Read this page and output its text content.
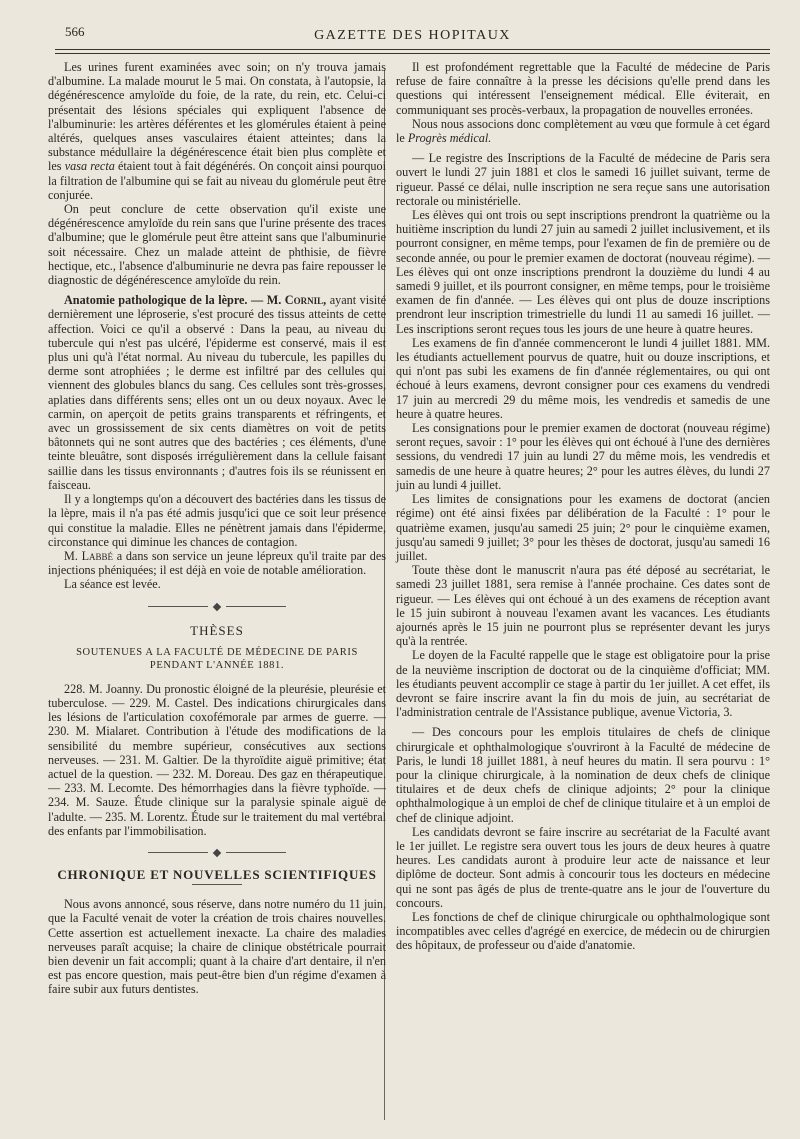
566	GAZETTE DES HOPITAUX

Les urines furent examinées avec soin; on n'y trouva jamais d'albumine. La malade mourut le 5 mai. On constata, à l'autopsie, la dégénérescence amyloïde du foie, de la rate, du rein, etc. Celui-ci présentait des lésions spéciales qui expliquent l'absence de l'albuminurie: les artères déférentes et les glomérules étaient à peine altérés, quelques anses vasculaires étaient atteintes; dans la substance médullaire la dégénérescence était bien plus complète et les vasa recta étaient tout à fait dégénérés. On conçoit ainsi pourquoi la filtration de l'albumine qui se fait au niveau du glomérule peut être conjurée.

On peut conclure de cette observation qu'il existe une dégénérescence amyloïde du rein sans que l'urine présente des traces d'albumine; que le glomérule peut être atteint sans que l'albuminurie soit nécessaire. Chez un malade atteint de phthisie, de fièvre hectique, etc., l'absence d'albuminurie ne devra pas faire repousser le diagnostic de dégénérescence amyloïde du rein.

Anatomie pathologique de la lèpre. — M. Cornil, ayant visité dernièrement une léproserie, s'est procuré des tissus atteints de cette affection. Voici ce qu'il a observé : Dans la peau, au niveau du tubercule qui n'est pas ulcéré, l'épiderme est conservé, mais il est plus uni qu'à l'état normal. Au niveau du tubercule, les papilles du derme sont atrophiées ; le derme est infiltré par des cellules qui viennent des globules blancs du sang. Ces cellules sont très-grosses, aplaties dans différents sens; elles ont un ou deux noyaux. Avec le carmin, on aperçoit de petits grains transparents et réfringents, et avec un grossissement de six cents diamètres on voit de petits bâtonnets qui ne sont autres que des bactéries ; ces éléments, d'une teinte bleuâtre, sont disposés irrégulièrement dans la cellule faisant saillie dans les tissus environnants ; d'autres fois ils se réunissent en faisceau.

Il y a longtemps qu'on a découvert des bactéries dans les tissus de la lèpre, mais il n'a pas été admis jusqu'ici que ce soit leur présence qui constitue la maladie. Elles ne pénètrent jamais dans l'épiderme, circonstance qui diminue les chances de contagion.

M. Labbé a dans son service un jeune lépreux qu'il traite par des injections phéniquées; il est déjà en voie de notable amélioration.

La séance est levée.

THÈSES
SOUTENUES A LA FACULTÉ DE MÉDECINE DE PARIS
PENDANT L'ANNÉE 1881.

228. M. Joanny. Du pronostic éloigné de la pleurésie, pleurésie et tuberculose. — 229. M. Castel. Des indications chirurgicales dans les lésions de l'articulation coxofémorale par armes de guerre. — 230. M. Mialaret. Contribution à l'étude des modifications de la sensibilité du membre supérieur, consécutives aux sections nerveuses. — 231. M. Galtier. De la thyroïdite aiguë primitive; état actuel de la question. — 232. M. Doreau. Des gaz en thérapeutique. — 233. M. Lecomte. Des hémorrhagies dans la fièvre typhoïde. — 234. M. Sauze. Étude clinique sur la paralysie spinale aiguë de l'adulte. — 235. M. Lorentz. Étude sur le traitement du mal vertébral des enfants par l'immobilisation.

CHRONIQUE ET NOUVELLES SCIENTIFIQUES

Nous avons annoncé, sous réserve, dans notre numéro du 11 juin, que la Faculté venait de voter la création de trois chaires nouvelles. Cette assertion est actuellement inexacte. La chaire des maladies nerveuses paraît acquise; la chaire de clinique obstétricale pourrait bien devenir un fait accompli; quant à la chaire d'art dentaire, il n'en est pas encore question, mais peut-être bien d'un régime d'examen à faire subir aux futurs dentistes.

Il est profondément regrettable que la Faculté de médecine de Paris refuse de faire connaître à la presse les décisions qu'elle prend dans les questions qui intéressent l'enseignement médical. Elle éviterait, en communiquant ses procès-verbaux, la propagation de nouvelles erronées.

Nous nous associons donc complètement au vœu que formule à cet égard le Progrès médical.

— Le registre des Inscriptions de la Faculté de médecine de Paris sera ouvert le lundi 27 juin 1881 et clos le samedi 16 juillet suivant, terme de rigueur. Passé ce délai, nulle inscription ne sera reçue sans une autorisation rectorale ou ministérielle.

Les élèves qui ont trois ou sept inscriptions prendront la quatrième ou la huitième inscription du lundi 27 juin au samedi 2 juillet inclusivement, et ils pourront consigner, en même temps, pour l'examen de fin de première ou de seconde année, ou pour le premier examen de doctorat (nouveau régime). — Les élèves qui ont onze inscriptions prendront la douzième du lundi 4 au samedi 9 juillet, et ils pourront consigner, en même temps, pour le troisième examen de fin d'année. — Les élèves qui ont plus de douze inscriptions prendront leur inscription trimestrielle du lundi 11 au samedi 16 juillet. — Les inscriptions seront reçues tous les jours de une heure à quatre heures.

Les examens de fin d'année commenceront le lundi 4 juillet 1881. MM. les étudiants actuellement pourvus de quatre, huit ou douze inscriptions, et qui n'ont pas subi les examens de fin d'année réglementaires, ou qui ont échoué à leurs examens, devront consigner pour ces examens du vendredi 17 juin au mercredi 29 du même mois, les vendredis et samedis de une heure à quatre heures.

Les consignations pour le premier examen de doctorat (nouveau régime) seront reçues, savoir : 1° pour les élèves qui ont échoué à l'une des dernières sessions, du vendredi 17 juin au lundi 27 du même mois, les vendredis et samedis de une heure à quatre heures; 2° pour les autres élèves, du lundi 27 juin au lundi 4 juillet.

Les limites de consignations pour les examens de doctorat (ancien régime) ont été ainsi fixées par délibération de la Faculté : 1° pour le quatrième examen, jusqu'au samedi 25 juin; 2° pour le cinquième examen, jusqu'au samedi 9 juillet; 3° pour les thèses de doctorat, jusqu'au samedi 16 juillet.

Toute thèse dont le manuscrit n'aura pas été déposé au secrétariat, le samedi 23 juillet 1881, sera remise à l'année prochaine. Ces dates sont de rigueur. — Les élèves qui ont échoué à un des examens de réception avant le 15 juin subiront à nouveau l'examen avant les vacances. Les étudiants ajournés après le 15 juin ne pourront plus se représenter devant les jurys qu'à la rentrée.

Le doyen de la Faculté rappelle que le stage est obligatoire pour la prise de la neuvième inscription de doctorat ou de la cinquième d'officiat; MM. les étudiants peuvent accomplir ce stage à partir du 1er juillet. A cet effet, ils devront se faire inscrire avant la fin du mois de juin, au secrétariat de l'administration centrale de l'Assistance publique, avenue Victoria, 3.

— Des concours pour les emplois titulaires de chefs de clinique chirurgicale et ophthalmologique s'ouvriront à la Faculté de médecine de Paris, le lundi 18 juillet 1881, à neuf heures du matin. Il sera pourvu : 1° pour la clinique chirurgicale, à la nomination de deux chefs de clinique titulaires et de deux chefs de clinique adjoints; 2° pour la clinique ophthalmologique à un emploi de chef de clinique titulaire et à un emploi de chef de clinique adjoint.

Les candidats devront se faire inscrire au secrétariat de la Faculté avant le 1er juillet. Le registre sera ouvert tous les jours de deux heures à quatre heures. Les candidats auront à produire leur acte de naissance et leur diplôme de docteur. Sont admis à concourir tous les docteurs en médecine qui ne sont pas âgés de plus de trente-quatre ans le jour de l'ouverture du concours.

Les fonctions de chef de clinique chirurgicale ou ophthalmologique sont incompatibles avec celles d'agrégé en exercice, de médecin ou de chirurgien des hôpitaux, de professeur ou d'aide d'anatomie.
